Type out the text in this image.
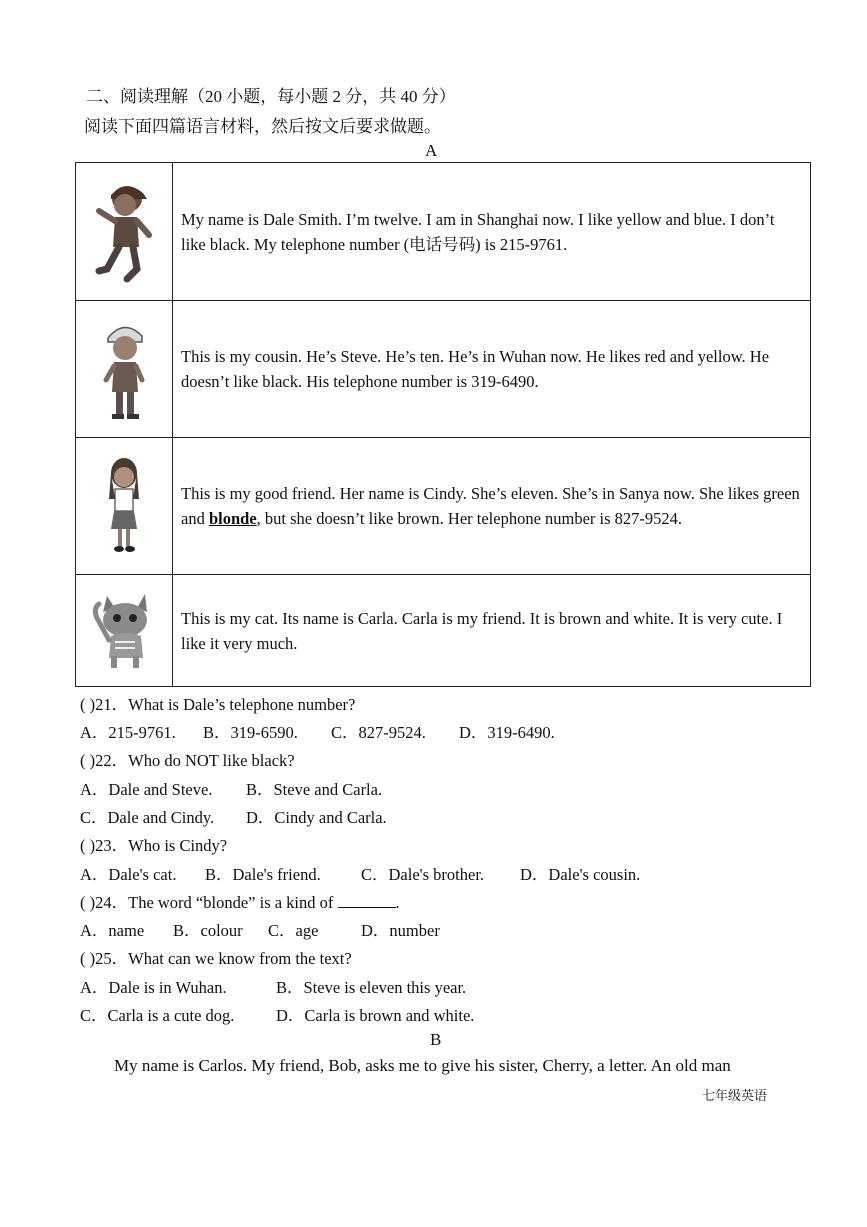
二、阅读理解（20 小题，每小题 2 分，共 40 分）
阅读下面四篇语言材料，然后按文后要求做题。
A
	My name is Dale Smith. I’m twelve. I am in Shanghai now. I like yellow and blue. I don’t like black. My telephone number (电话号码) is 215-9761.

	This is my cousin. He’s Steve. He’s ten. He’s in Wuhan now. He likes red and yellow. He doesn’t like black. His telephone number is 319-6490.

	This is my good friend. Her name is Cindy. She’s eleven. She’s in Sanya now. She likes green and blonde, but she doesn’t like brown. Her telephone number is 827-9524.

	This is my cat. Its name is Carla. Carla is my friend. It is brown and white. It is very cute. I like it very much.
( )21．What is Dale’s telephone number?
A．215-9761. B．319-6590. C．827-9524. D．319-6490.
( )22．Who do NOT like black?
A．Dale and Steve. B．Steve and Carla.
C．Dale and Cindy. D．Cindy and Carla.
( )23．Who is Cindy?
A．Dale's cat. B．Dale's friend. C．Dale's brother. D．Dale's cousin.
( )24．The word “blonde” is a kind of	.
A．name B．colour C．age	D．number
( )25．What can we know from the text?
A．Dale is in Wuhan.	B．Steve is eleven this year.
C．Carla is a cute dog.	D．Carla is brown and white.
B
My name is Carlos. My friend, Bob, asks me to give his sister, Cherry, a letter. An old man
七年级英语
